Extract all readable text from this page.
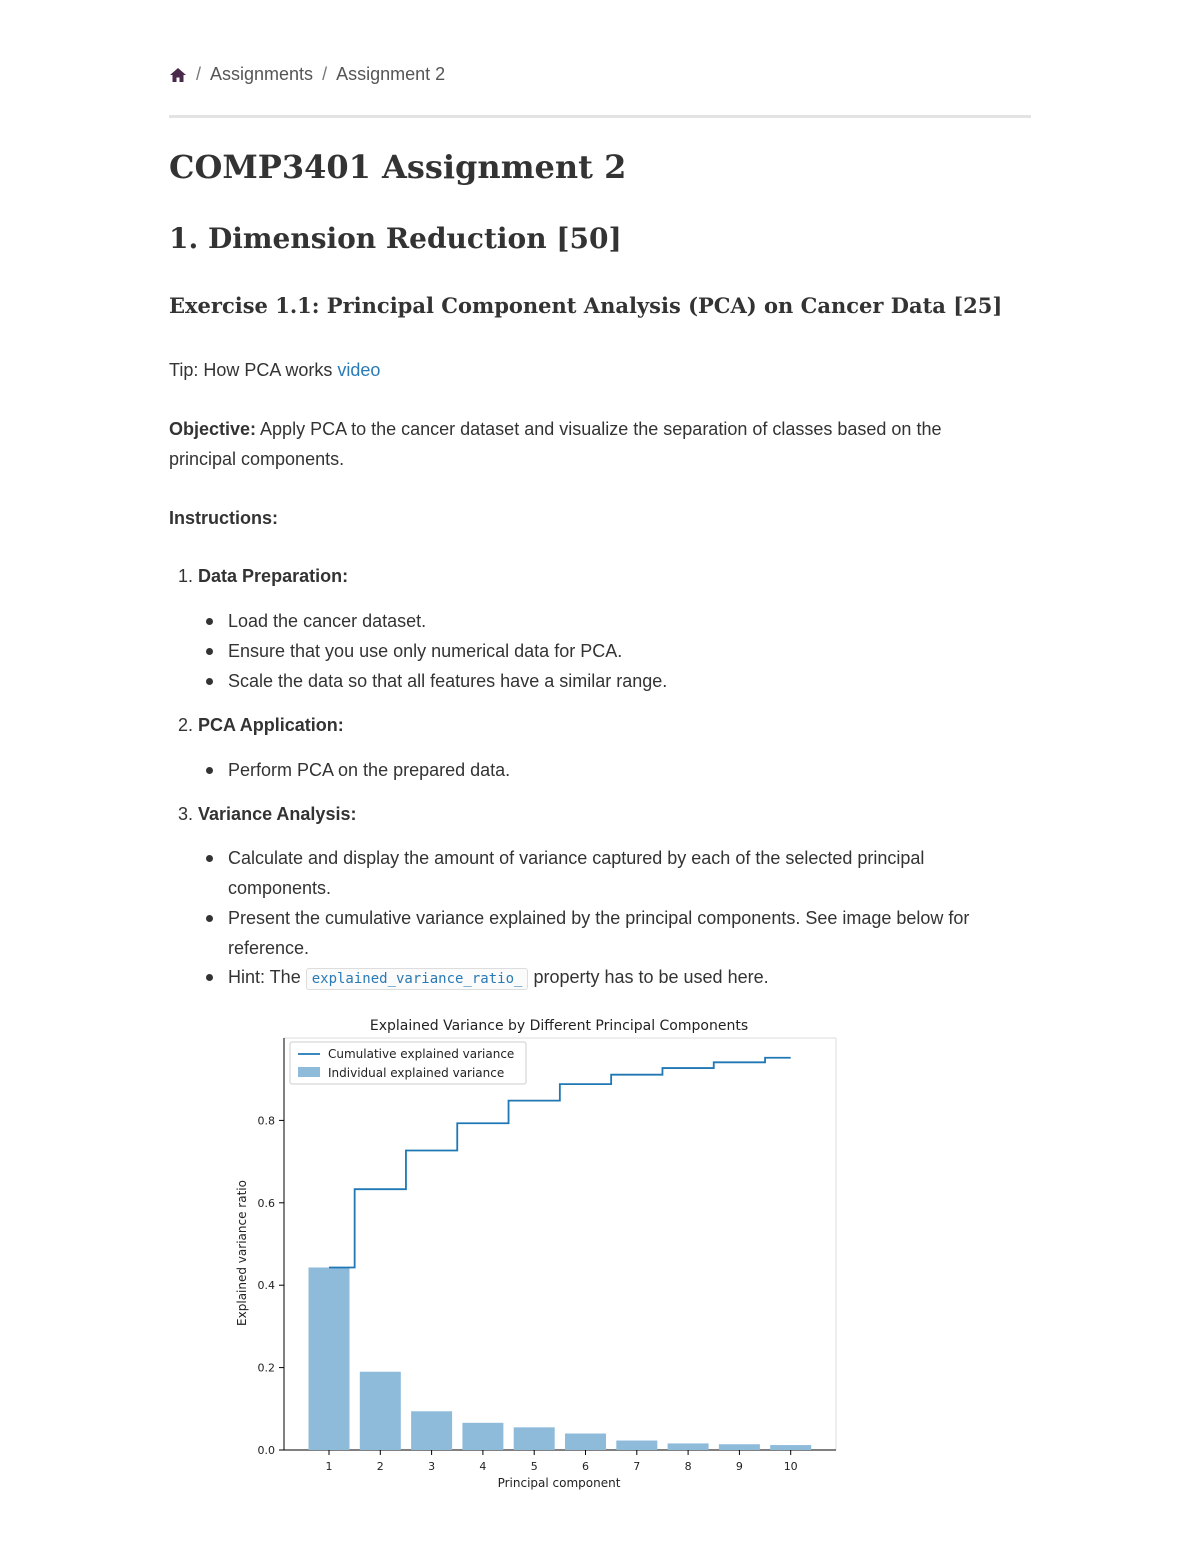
/ Assignments / Assignment 2
COMP3401 Assignment 2
1. Dimension Reduction [50]
Exercise 1.1: Principal Component Analysis (PCA) on Cancer Data [25]

Tip: How PCA works video

Objective: Apply PCA to the cancer dataset and visualize the separation of classes based on the
principal components.

Instructions:

1. Data Preparation:

Load the cancer dataset.

Ensure that you use only numerical data for PCA.

Scale the data so that all features have a similar range.

2. PCA Application:

Perform PCA on the prepared data.

3. Variance Analysis:

Calculate and display the amount of variance captured by each of the selected principal
components.

Present the cumulative variance explained by the principal components. See image below for
reference.

Hint: The explained_variance_ratio_ property has to be used here.

Explained Variance by Different Principal Components
0.0
0.2
0.4
0.6
0.8
1	2	3	4	5	6	7	8	9	10
Cumulative explained variance
Individual explained variance
Principal component
Explained variance ratio
